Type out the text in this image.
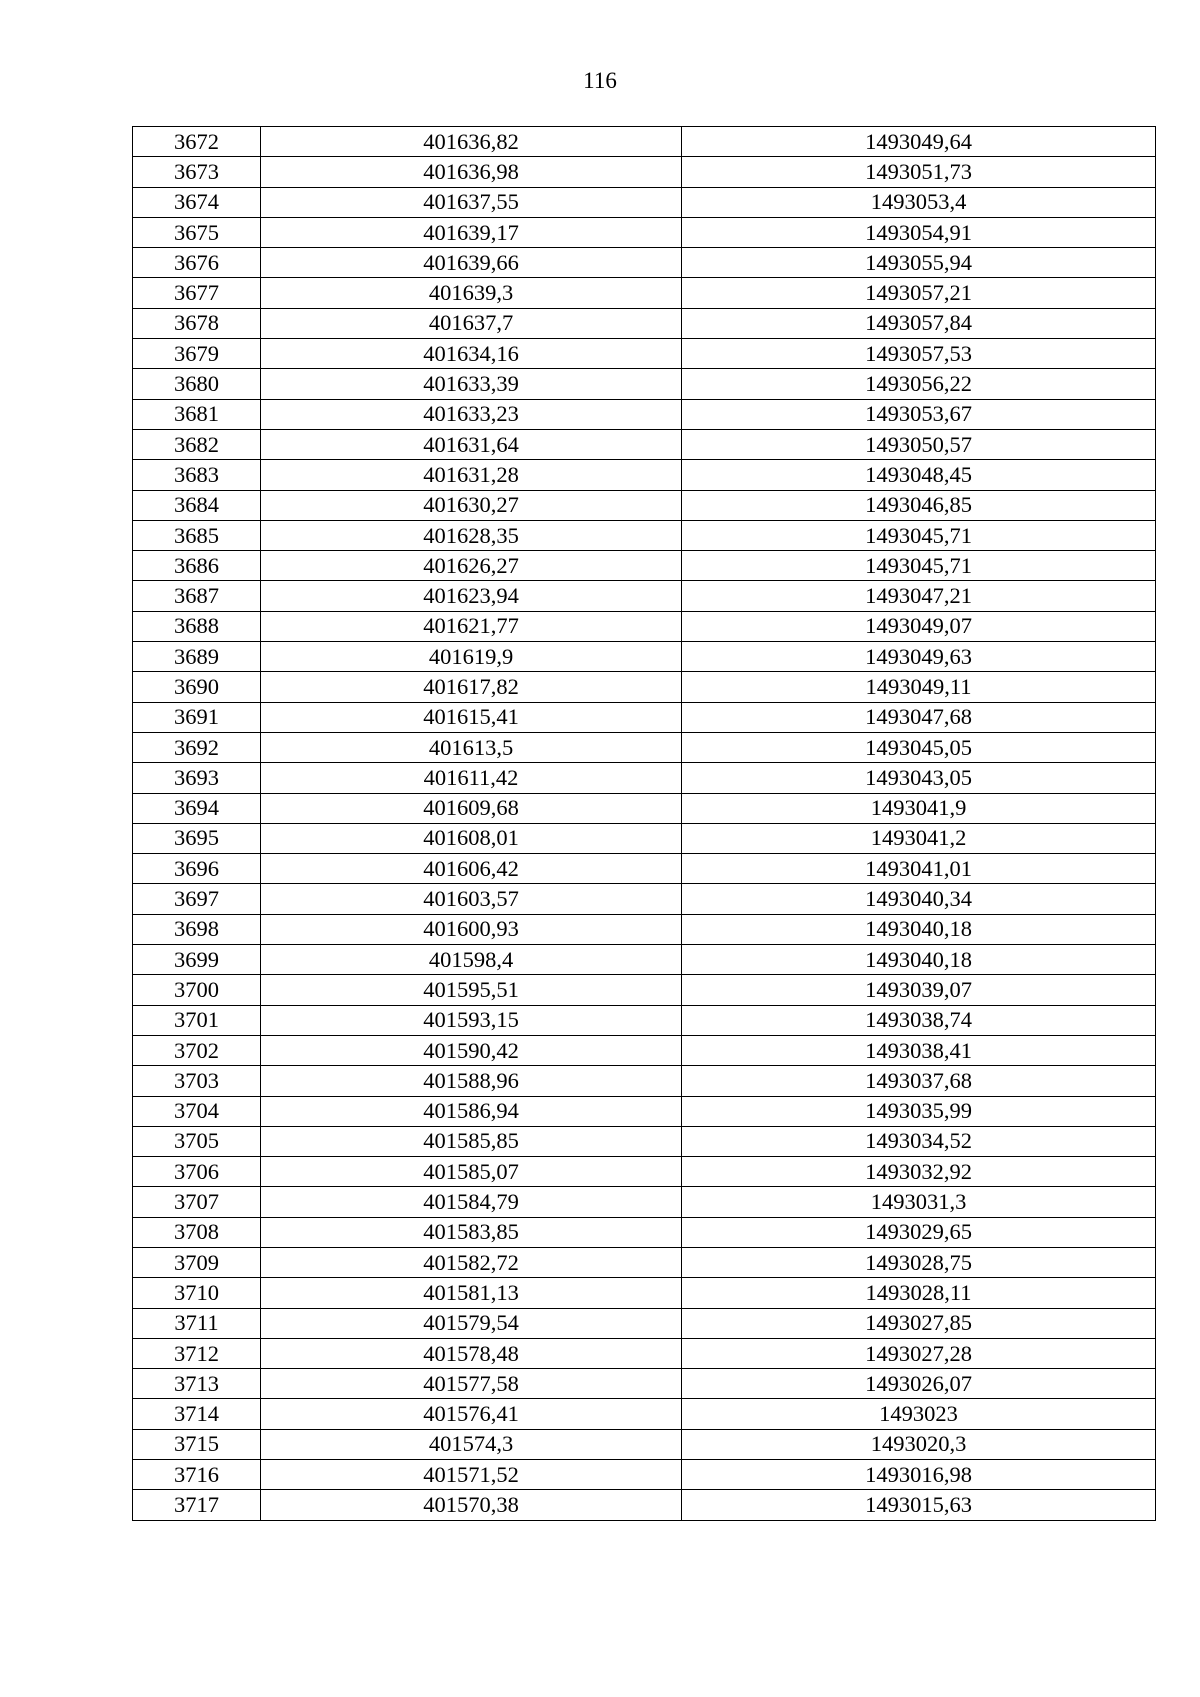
116
3672	401636,82	1493049,64
3673	401636,98	1493051,73
3674	401637,55	1493053,4
3675	401639,17	1493054,91
3676	401639,66	1493055,94
3677	401639,3	1493057,21
3678	401637,7	1493057,84
3679	401634,16	1493057,53
3680	401633,39	1493056,22
3681	401633,23	1493053,67
3682	401631,64	1493050,57
3683	401631,28	1493048,45
3684	401630,27	1493046,85
3685	401628,35	1493045,71
3686	401626,27	1493045,71
3687	401623,94	1493047,21
3688	401621,77	1493049,07
3689	401619,9	1493049,63
3690	401617,82	1493049,11
3691	401615,41	1493047,68
3692	401613,5	1493045,05
3693	401611,42	1493043,05
3694	401609,68	1493041,9
3695	401608,01	1493041,2
3696	401606,42	1493041,01
3697	401603,57	1493040,34
3698	401600,93	1493040,18
3699	401598,4	1493040,18
3700	401595,51	1493039,07
3701	401593,15	1493038,74
3702	401590,42	1493038,41
3703	401588,96	1493037,68
3704	401586,94	1493035,99
3705	401585,85	1493034,52
3706	401585,07	1493032,92
3707	401584,79	1493031,3
3708	401583,85	1493029,65
3709	401582,72	1493028,75
3710	401581,13	1493028,11
3711	401579,54	1493027,85
3712	401578,48	1493027,28
3713	401577,58	1493026,07
3714	401576,41	1493023
3715	401574,3	1493020,3
3716	401571,52	1493016,98
3717	401570,38	1493015,63
